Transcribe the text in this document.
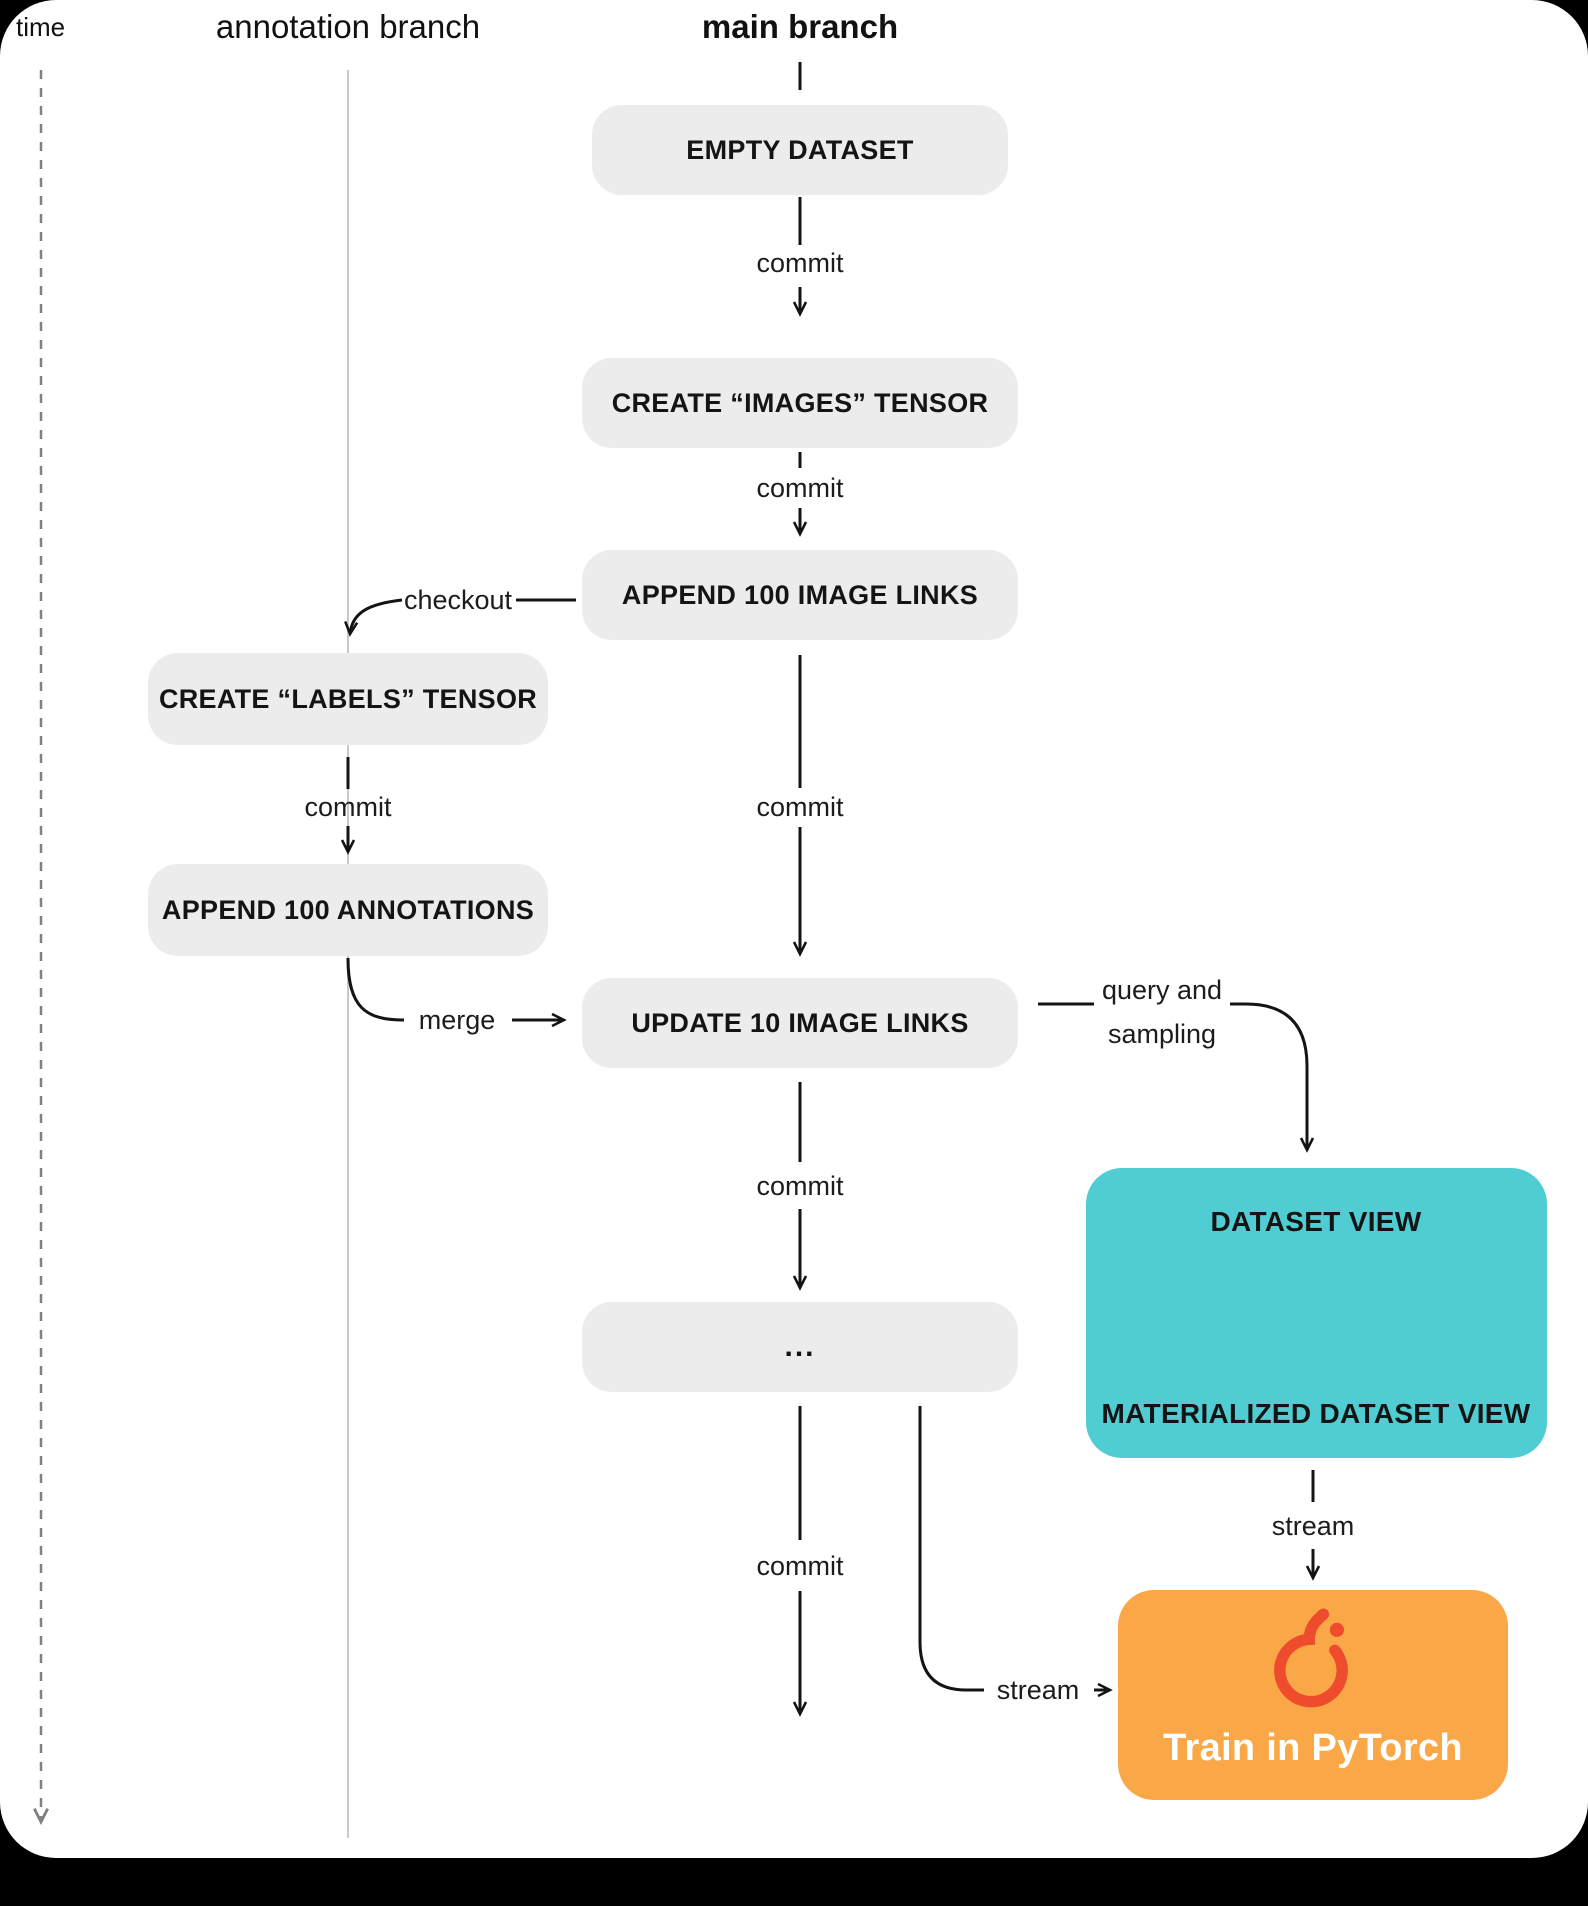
time	annotation branch	main branch
EMPTY DATASET
CREATE “IMAGES” TENSOR
APPEND 100 IMAGE LINKS
UPDATE 10 IMAGE LINKS
...
CREATE “LABELS” TENSOR
APPEND 100 ANNOTATIONS
commit
commit
commit
commit
commit
commit
checkout
merge
query and
sampling
stream
stream
DATASET VIEW
MATERIALIZED DATASET VIEW
Train in PyTorch
